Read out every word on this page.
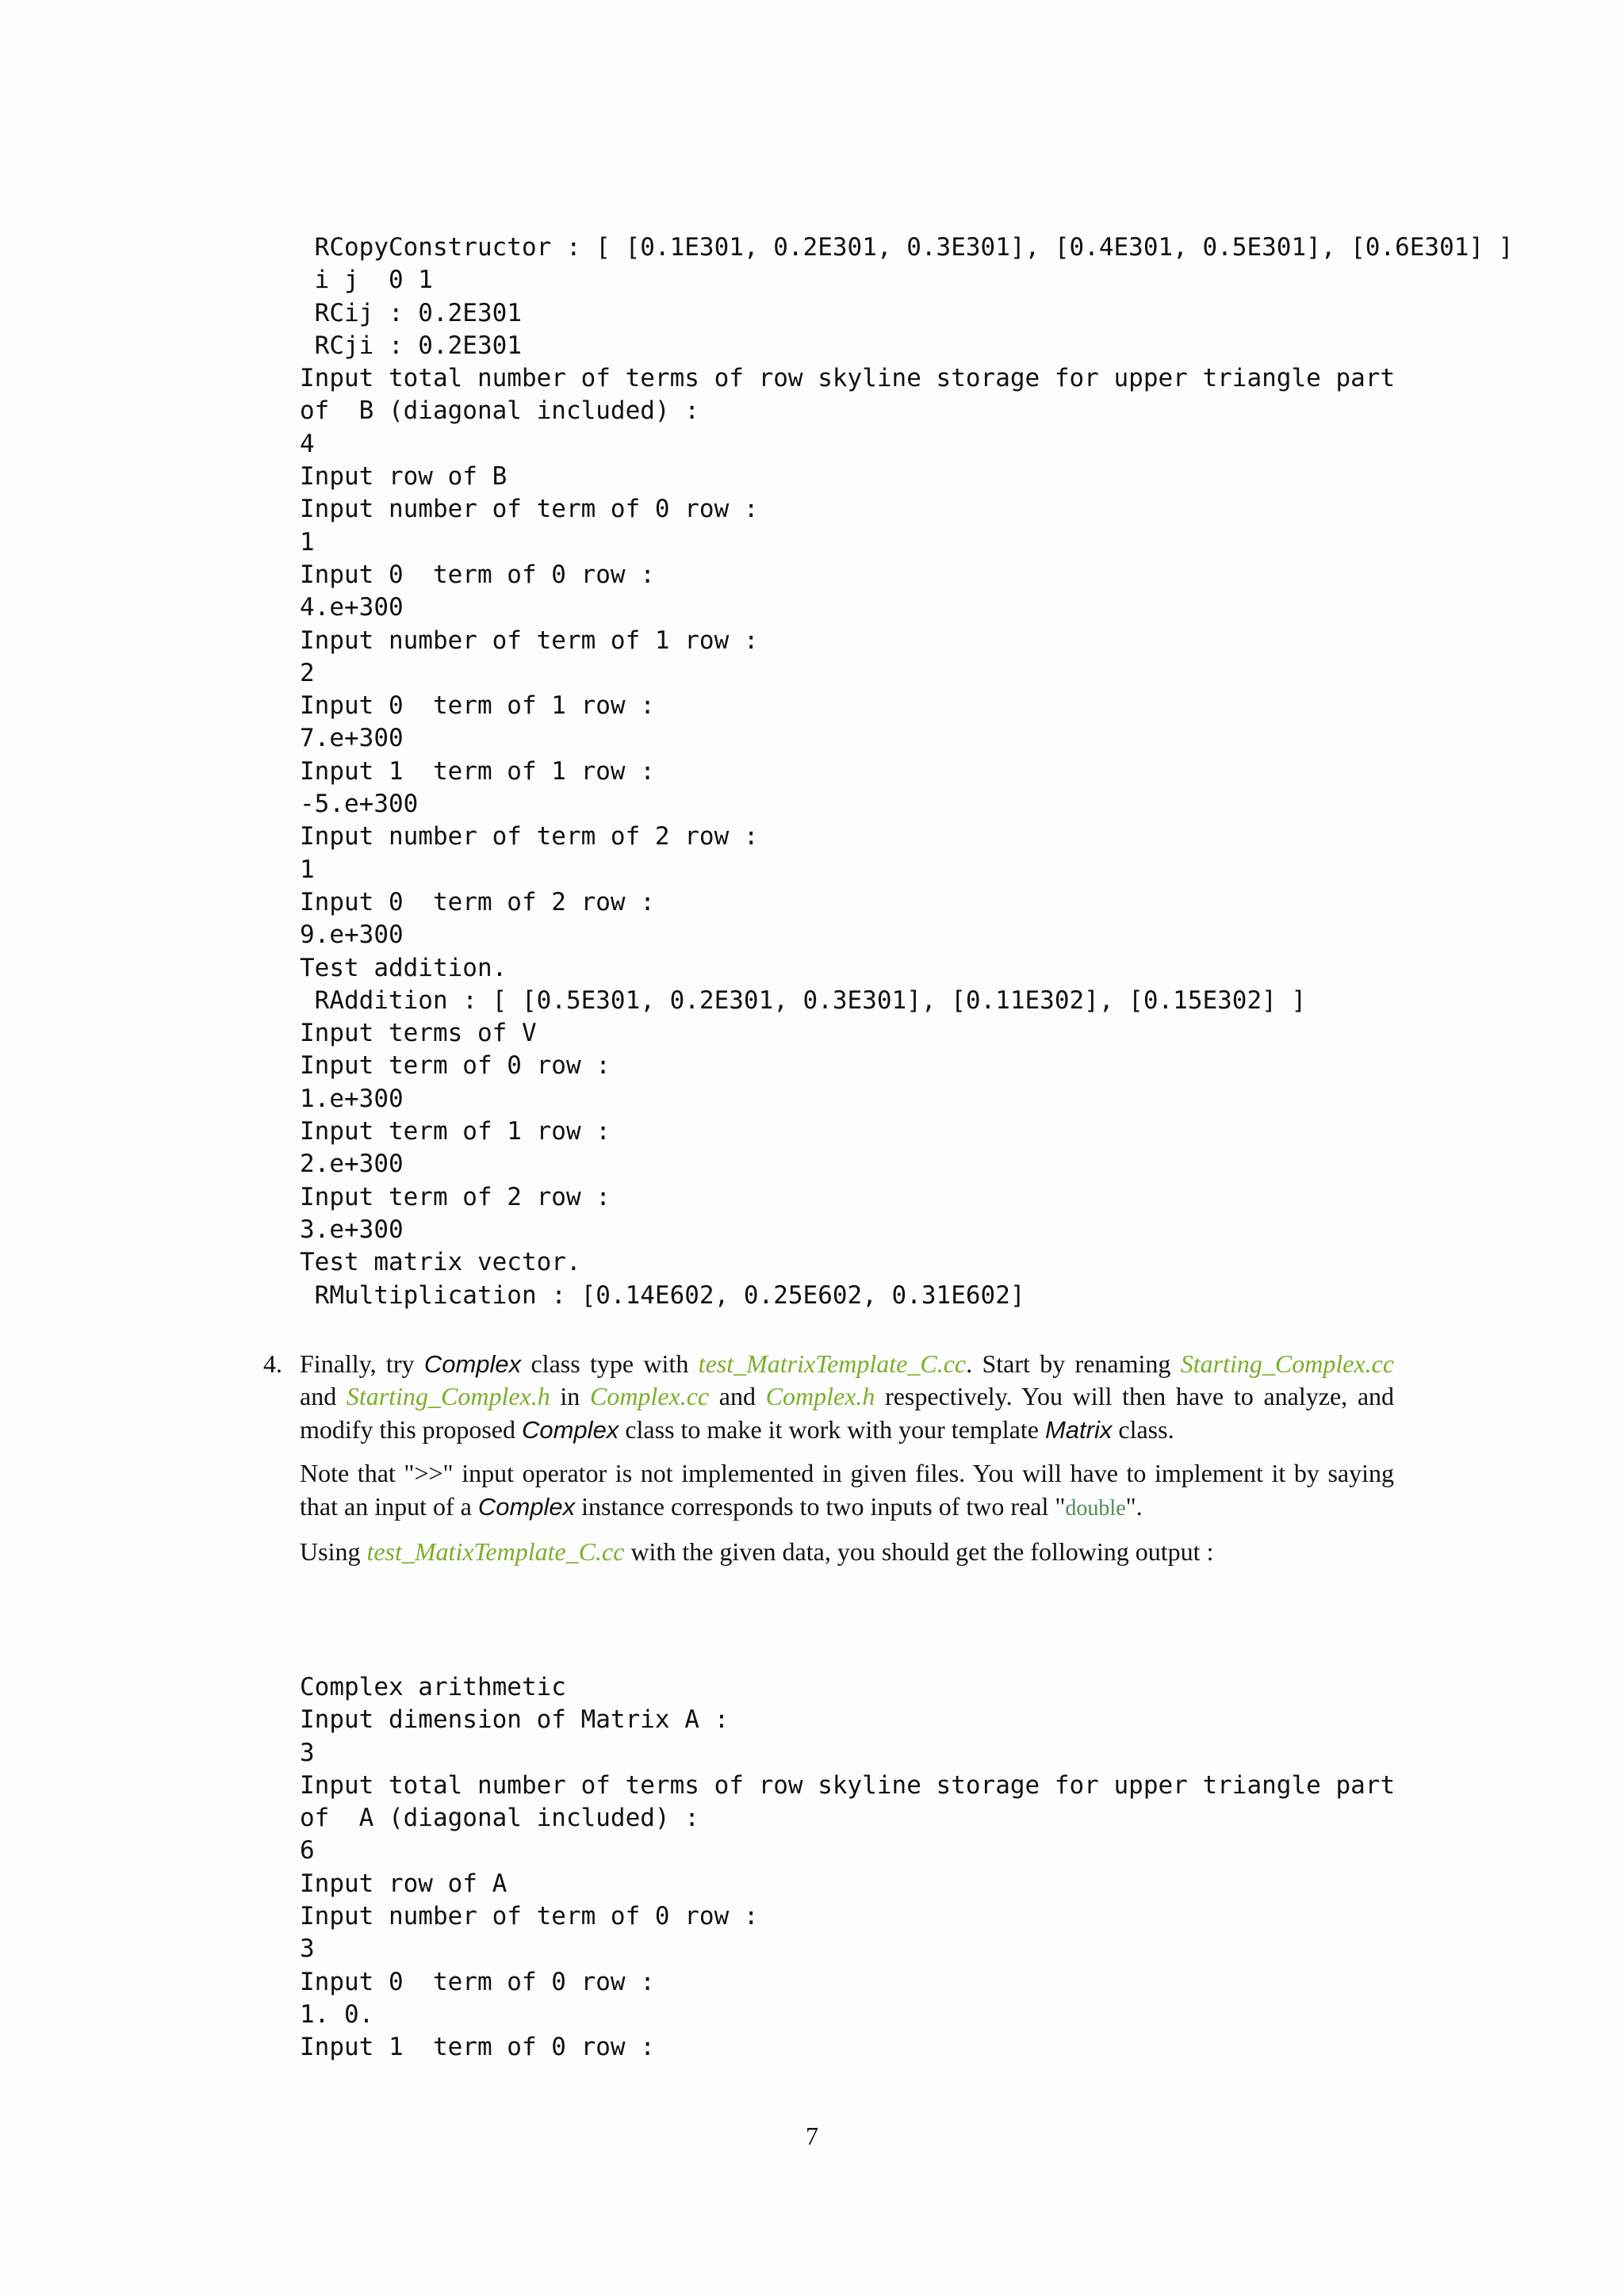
RCopyConstructor : [ [0.1E301, 0.2E301, 0.3E301], [0.4E301, 0.5E301], [0.6E301] ]
i j  0 1
RCij : 0.2E301
RCji : 0.2E301
Input total number of terms of row skyline storage for upper triangle part
of  B (diagonal included) :
4
Input row of B
Input number of term of 0 row :
1
Input 0  term of 0 row :
4.e+300
Input number of term of 1 row :
2
Input 0  term of 1 row :
7.e+300
Input 1  term of 1 row :
-5.e+300
Input number of term of 2 row :
1
Input 0  term of 2 row :
9.e+300
Test addition.
RAddition : [ [0.5E301, 0.2E301, 0.3E301], [0.11E302], [0.15E302] ]
Input terms of V
Input term of 0 row :
1.e+300
Input term of 1 row :
2.e+300
Input term of 2 row :
3.e+300
Test matrix vector.
RMultiplication : [0.14E602, 0.25E602, 0.31E602]
4. Finally, try Complex class type with test_MatrixTemplate_C.cc. Start by renaming Starting_Complex.cc and Starting_Complex.h in Complex.cc and Complex.h respectively. You will then have to analyze, and modify this proposed Complex class to make it work with your template Matrix class.

Note that ">>" input operator is not implemented in given files. You will have to implement it by saying that an input of a Complex instance corresponds to two inputs of two real "double".

Using test_MatixTemplate_C.cc with the given data, you should get the following output :

Complex arithmetic
Input dimension of Matrix A :
3
Input total number of terms of row skyline storage for upper triangle part
of  A (diagonal included) :
6
Input row of A
Input number of term of 0 row :
3
Input 0  term of 0 row :
1. 0.
Input 1  term of 0 row :
7
